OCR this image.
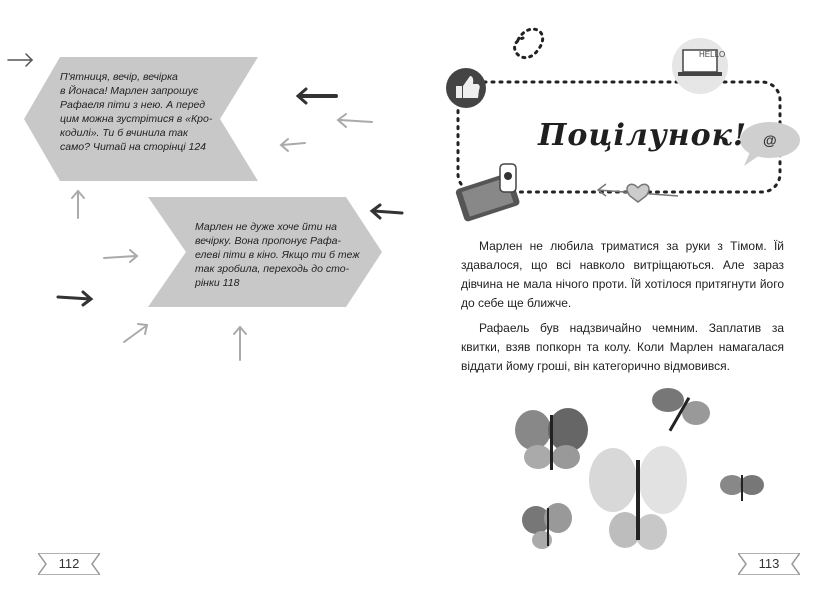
П'ятниця, вечір, вечірка
в Йонаса! Марлен запрошує
Рафаеля піти з нею. А перед
цим можна зустрітися в «Кро-
кодилі». Ти б вчинила так
само? Читай на сторінці 124
Марлен не дуже хоче йти на
вечірку. Вона пропонує Рафа-
елеві піти в кіно. Якщо ти б теж
так зробила, переходь до сто-
рінки 118
112
HELLO
@
Поцілунок!

Марлен не любила триматися за руки з Тімом. Їй здавалося, що всі навколо витріщаються. Але зараз дівчина не мала нічого проти. Їй хотілося притягнути його до себе ще ближче.

Рафаель був надзвичайно чемним. Заплатив за квитки, взяв попкорн та колу. Коли Марлен намагалася віддати йому гроші, він категорично відмовився.

113
